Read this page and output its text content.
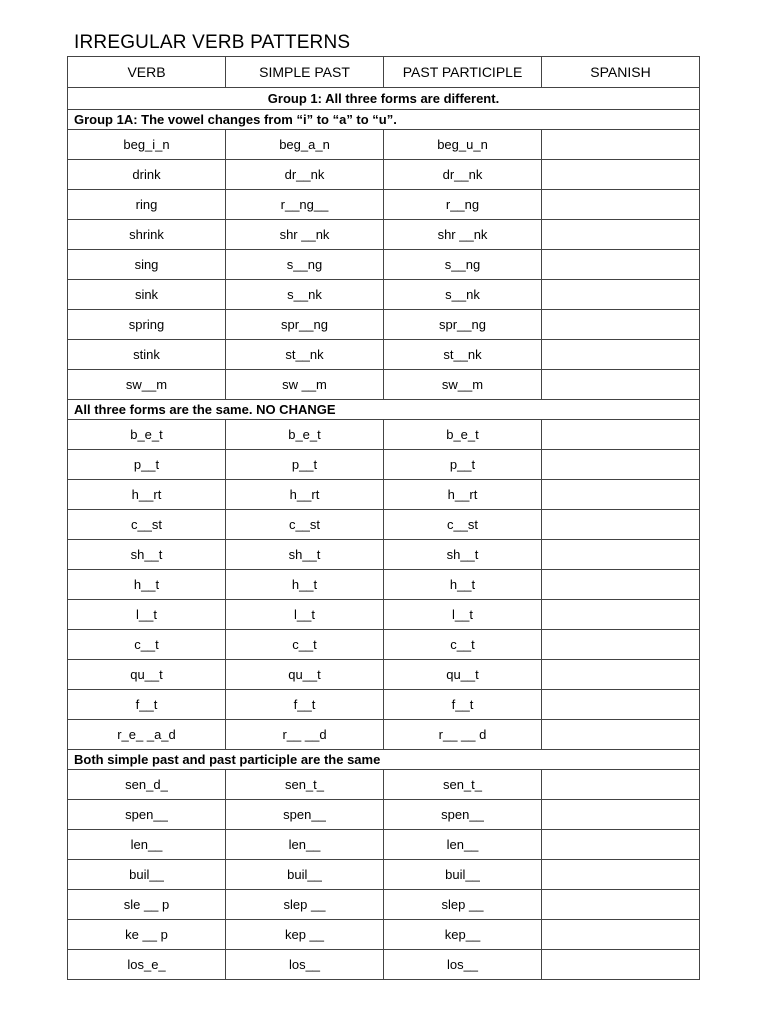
IRREGULAR VERB PATTERNS
VERB	SIMPLE PAST	PAST PARTICIPLE	SPANISH
Group 1: All three forms are different.			
Group 1A: The vowel changes from “i” to “a” to “u”.			
beg_i_n	beg_a_n	beg_u_n	
drink	dr__nk	dr__nk	
ring	r__ng__	r__ng	
shrink	shr __nk	shr __nk	
sing	s__ng	s__ng	
sink	s__nk	s__nk	
spring	spr__ng	spr__ng	
stink	st__nk	st__nk	
sw__m	sw __m	sw__m	
All three forms are the same. NO CHANGE			
b_e_t	b_e_t	b_e_t	
p__t	p__t	p__t	
h__rt	h__rt	h__rt	
c__st	c__st	c__st	
sh__t	sh__t	sh__t	
h__t	h__t	h__t	
l__t	l__t	l__t	
c__t	c__t	c__t	
qu__t	qu__t	qu__t	
f__t	f__t	f__t	
r_e_ _a_d	r__ __d	r__ __ d	
Both simple past and past participle are the same			
sen_d_	sen_t_	sen_t_	
spen__	spen__	spen__	
len__	len__	len__	
buil__	buil__	buil__	
sle __ p	slep __	slep __	
ke __ p	kep __	kep__	
los_e_	los__	los__	
